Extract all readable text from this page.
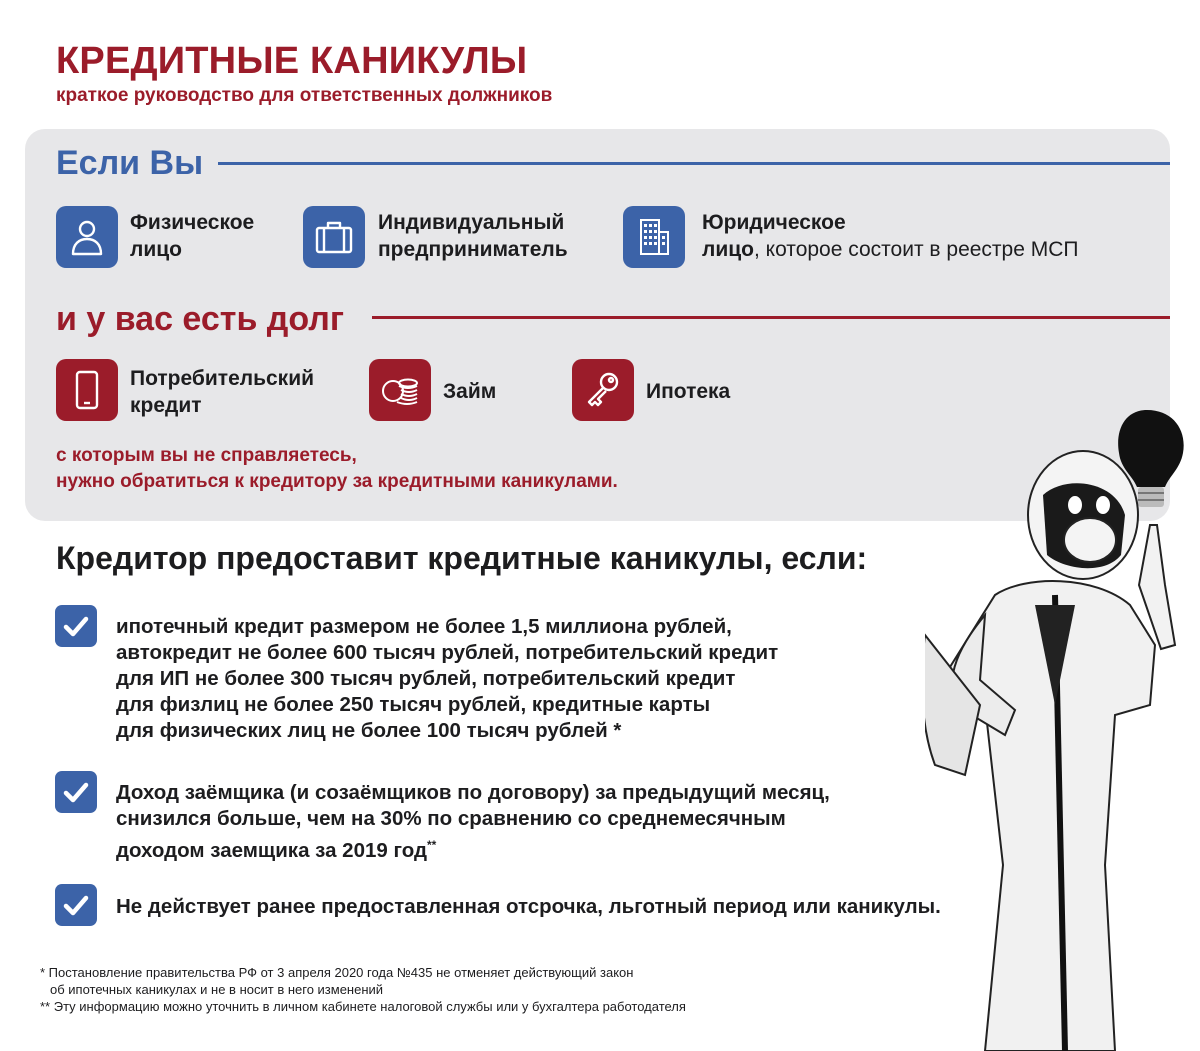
КРЕДИТНЫЕ КАНИКУЛЫ
краткое руководство для ответственных должников
Если Вы
Физическое
лицо
Индивидуальный
предприниматель
Юридическое
лицо, которое состоит в реестре МСП
и у вас есть долг
Потребительский
кредит
Займ	Ипотека
с которым вы не справляетесь,
нужно обратиться к кредитору за кредитными каникулами.
Кредитор предоставит кредитные каникулы, если:
ипотечный кредит размером не более 1,5 миллиона рублей,
автокредит не более 600 тысяч рублей, потребительский кредит
для ИП не более 300 тысяч рублей, потребительский кредит
для физлиц не более 250 тысяч рублей, кредитные карты
для физических лиц не более 100 тысяч рублей *
Доход заёмщика (и созаёмщиков по договору) за предыдущий месяц,
снизился больше, чем на 30% по сравнению со среднемесячным
доходом заемщика за 2019 год**
Не действует ранее предоставленная отсрочка, льготный период или каникулы.
* Постановление правительства РФ от 3 апреля 2020 года №435 не отменяет действующий закон
об ипотечных каникулах и не в носит в него изменений
** Эту информацию можно уточнить в личном кабинете налоговой службы или у бухгалтера работодателя
